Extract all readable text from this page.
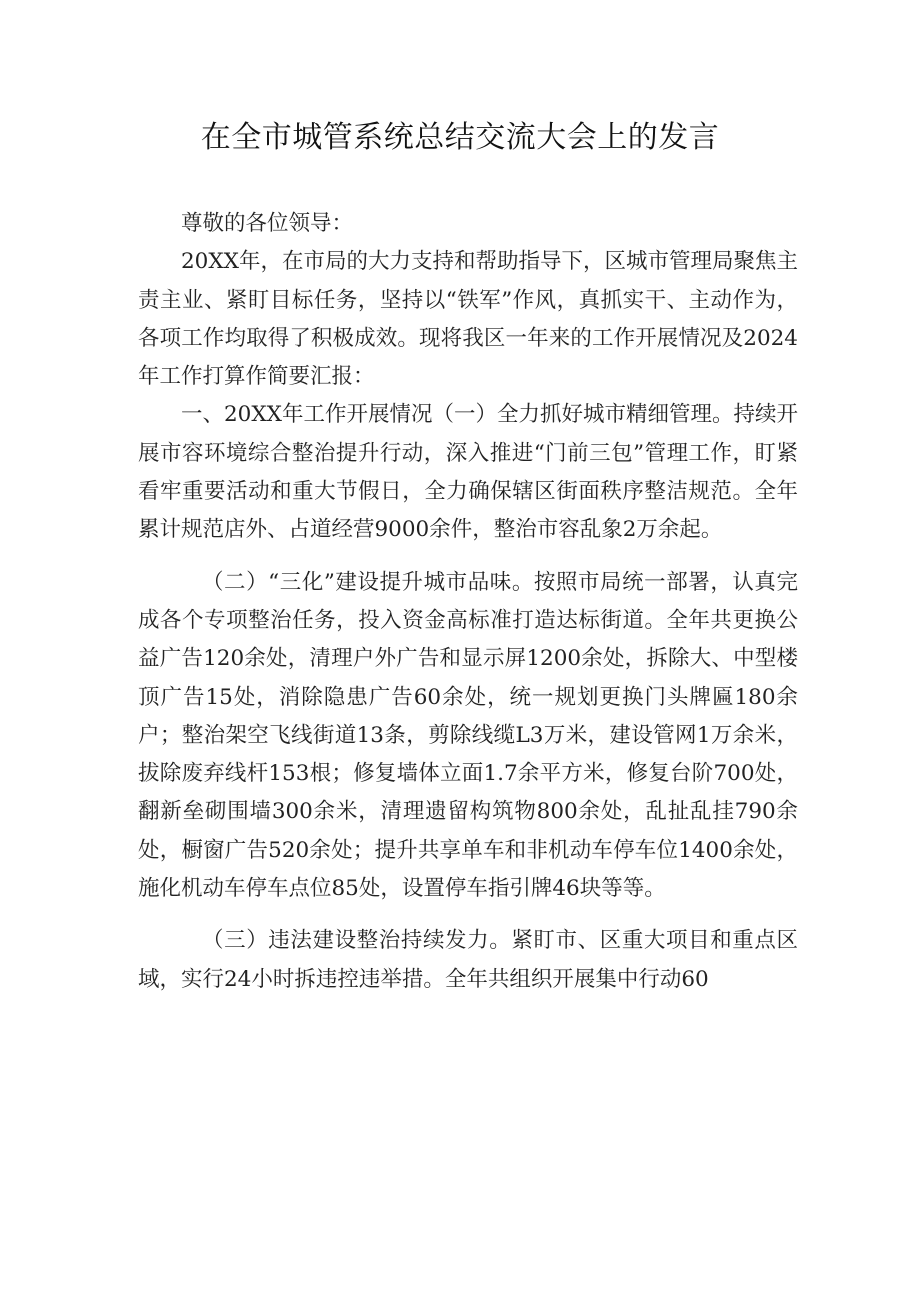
在全市城管系统总结交流大会上的发言

尊敬的各位领导：

20XX年，在市局的大力支持和帮助指导下，区城市管理局聚焦主责主业、紧盯目标任务，坚持以“铁军”作风，真抓实干、主动作为，各项工作均取得了积极成效。现将我区一年来的工作开展情况及2024年工作打算作简要汇报：

一、20XX年工作开展情况（一）全力抓好城市精细管理。持续开展市容环境综合整治提升行动，深入推进“门前三包”管理工作，盯紧看牢重要活动和重大节假日，全力确保辖区街面秩序整洁规范。全年累计规范店外、占道经营9000余件，整治市容乱象2万余起。

（二）“三化”建设提升城市品味。按照市局统一部署，认真完成各个专项整治任务，投入资金高标准打造达标街道。全年共更换公益广告120余处，清理户外广告和显示屏1200余处，拆除大、中型楼顶广告15处，消除隐患广告60余处，统一规划更换门头牌匾180余户；整治架空飞线街道13条，剪除线缆L3万米，建设管网1万余米，拔除废弃线杆153根；修复墙体立面1.7余平方米，修复台阶700处，翻新垒砌围墙300余米，清理遗留构筑物800余处，乱扯乱挂790余处，橱窗广告520余处；提升共享单车和非机动车停车位1400余处，施化机动车停车点位85处，设置停车指引牌46块等等。

（三）违法建设整治持续发力。紧盯市、区重大项目和重点区域，实行24小时拆违控违举措。全年共组织开展集中行动60
